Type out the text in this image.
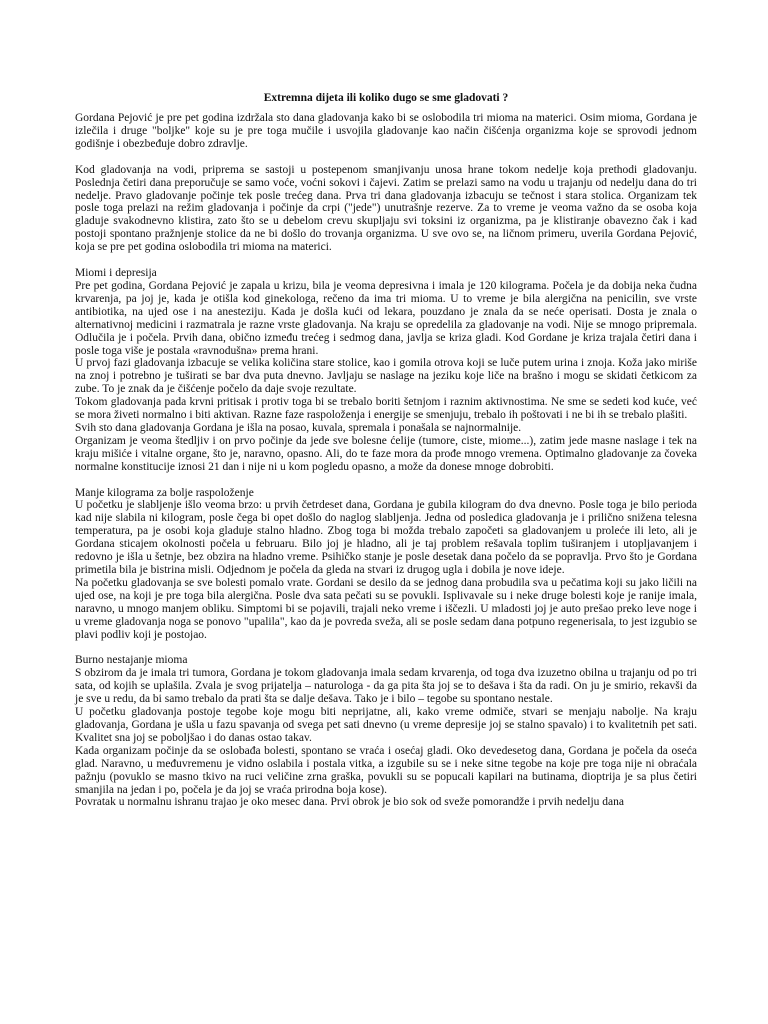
Extremna dijeta ili koliko dugo se sme gladovati ?

Gordana Pejović je pre pet godina izdržala sto dana gladovanja kako bi se oslobodila tri mioma na materici. Osim mioma, Gordana je izlečila i druge "boljke" koje su je pre toga mučile i usvojila gladovanje kao način čišćenja organizma koje se sprovodi jednom godišnje i obezbeđuje dobro zdravlje.

Kod gladovanja na vodi, priprema se sastoji u postepenom smanjivanju unosa hrane tokom nedelje koja prethodi gladovanju. Poslednja četiri dana preporučuje se samo voće, voćni sokovi i čajevi. Zatim se prelazi samo na vodu u trajanju od nedelju dana do tri nedelje. Pravo gladovanje počinje tek posle trećeg dana. Prva tri dana gladovanja izbacuju se tečnost i stara stolica. Organizam tek posle toga prelazi na režim gladovanja i počinje da crpi ("jede") unutrašnje rezerve. Za to vreme je veoma važno da se osoba koja gladuje svakodnevno klistira, zato što se u debelom crevu skupljaju svi toksini iz organizma, pa je klistiranje obavezno čak i kad postoji spontano pražnjenje stolice da ne bi došlo do trovanja organizma. U sve ovo se, na ličnom primeru, uverila Gordana Pejović, koja se pre pet godina oslobodila tri mioma na materici.

Miomi i depresija

Pre pet godina, Gordana Pejović je zapala u krizu, bila je veoma depresivna i imala je 120 kilograma. Počela je da dobija neka čudna krvarenja, pa joj je, kada je otišla kod ginekologa, rečeno da ima tri mioma. U to vreme je bila alergična na penicilin, sve vrste antibiotika, na ujed ose i na anesteziju. Kada je došla kući od lekara, pouzdano je znala da se neće operisati. Dosta je znala o alternativnoj medicini i razmatrala je razne vrste gladovanja. Na kraju se opredelila za gladovanje na vodi. Nije se mnogo pripremala. Odlučila je i počela. Prvih dana, obično između trećeg i sedmog dana, javlja se kriza gladi. Kod Gordane je kriza trajala četiri dana i posle toga više je postala «ravnodušna» prema hrani.

U prvoj fazi gladovanja izbacuje se velika količina stare stolice, kao i gomila otrova koji se luče putem urina i znoja. Koža jako miriše na znoj i potrebno je tuširati se bar dva puta dnevno. Javljaju se naslage na jeziku koje liče na brašno i mogu se skidati četkicom za zube. To je znak da je čišćenje počelo da daje svoje rezultate.

Tokom gladovanja pada krvni pritisak i protiv toga bi se trebalo boriti šetnjom i raznim aktivnostima. Ne sme se sedeti kod kuće, već se mora živeti normalno i biti aktivan. Razne faze raspoloženja i energije se smenjuju, trebalo ih poštovati i ne bi ih se trebalo plašiti.

Svih sto dana gladovanja Gordana je išla na posao, kuvala, spremala i ponašala se najnormalnije.

Organizam je veoma štedljiv i on prvo počinje da jede sve bolesne ćelije (tumore, ciste, miome...), zatim jede masne naslage i tek na kraju mišiće i vitalne organe, što je, naravno, opasno. Ali, do te faze mora da prođe mnogo vremena. Optimalno gladovanje za čoveka normalne konstitucije iznosi 21 dan i nije ni u kom pogledu opasno, a može da donese mnoge dobrobiti.

Manje kilograma za bolje raspoloženje

U početku je slabljenje išlo veoma brzo: u prvih četrdeset dana, Gordana je gubila kilogram do dva dnevno. Posle toga je bilo perioda kad nije slabila ni kilogram, posle čega bi opet došlo do naglog slabljenja. Jedna od posledica gladovanja je i prilično snižena telesna temperatura, pa je osobi koja gladuje stalno hladno. Zbog toga bi možda trebalo započeti sa gladovanjem u proleće ili leto, ali je Gordana sticajem okolnosti počela u februaru. Bilo joj je hladno, ali je taj problem rešavala toplim tuširanjem i utopljavanjem i redovno je išla u šetnje, bez obzira na hladno vreme. Psihičko stanje je posle desetak dana počelo da se popravlja. Prvo što je Gordana primetila bila je bistrina misli. Odjednom je počela da gleda na stvari iz drugog ugla i dobila je nove ideje.

Na početku gladovanja se sve bolesti pomalo vrate. Gordani se desilo da se jednog dana probudila sva u pečatima koji su jako ličili na ujed ose, na koji je pre toga bila alergična. Posle dva sata pečati su se povukli. Isplivavale su i neke druge bolesti koje je ranije imala, naravno, u mnogo manjem obliku. Simptomi bi se pojavili, trajali neko vreme i iščezli. U mladosti joj je auto prešao preko leve noge i u vreme gladovanja noga se ponovo "upalila", kao da je povreda sveža, ali se posle sedam dana potpuno regenerisala, to jest izgubio se plavi podliv koji je postojao.

Burno nestajanje mioma

S obzirom da je imala tri tumora, Gordana je tokom gladovanja imala sedam krvarenja, od toga dva izuzetno obilna u trajanju od po tri sata, od kojih se uplašila. Zvala je svog prijatelja – naturologa - da ga pita šta joj se to dešava i šta da radi. On ju je smirio, rekavši da je sve u redu, da bi samo trebalo da prati šta se dalje dešava. Tako je i bilo – tegobe su spontano nestale.

U početku gladovanja postoje tegobe koje mogu biti neprijatne, ali, kako vreme odmiče, stvari se menjaju nabolje. Na kraju gladovanja, Gordana je ušla u fazu spavanja od svega pet sati dnevno (u vreme depresije joj se stalno spavalo) i to kvalitetnih pet sati. Kvalitet sna joj se poboljšao i do danas ostao takav.

Kada organizam počinje da se oslobađa bolesti, spontano se vraća i osećaj gladi. Oko devedesetog dana, Gordana je počela da oseća glad. Naravno, u međuvremenu je vidno oslabila i postala vitka, a izgubile su se i neke sitne tegobe na koje pre toga nije ni obraćala pažnju (povuklo se masno tkivo na ruci veličine zrna graška, povukli su se popucali kapilari na butinama, dioptrija je sa plus četiri smanjila na jedan i po, počela je da joj se vraća prirodna boja kose).

Povratak u normalnu ishranu trajao je oko mesec dana. Prvi obrok je bio sok od sveže pomorandže i prvih nedelju dana
